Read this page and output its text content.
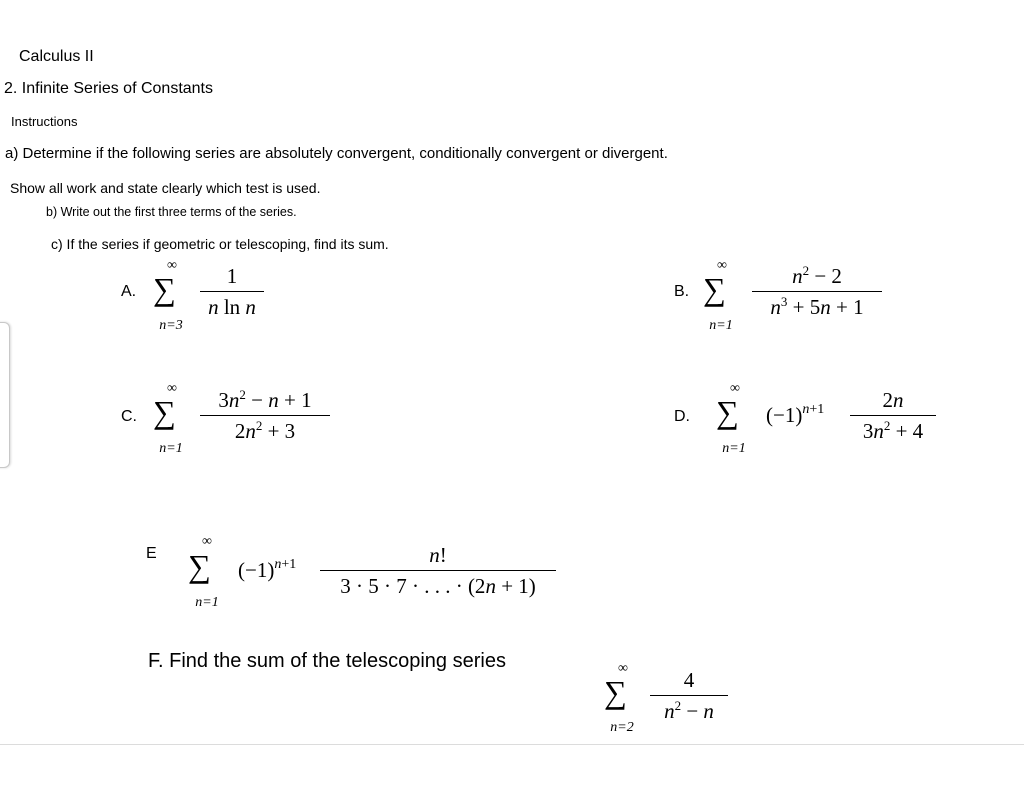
Calculus II
2. Infinite Series of Constants
Instructions
a) Determine if the following series are absolutely convergent, conditionally convergent or divergent.
Show all work and state clearly which test is used.
b) Write out the first three terms of the series.
c) If the series if geometric or telescoping, find its sum.
A.
∞
∑
n=3
1
n ln n
B.
∞
∑
n=1
$n^2 - 2$
$n^3 + 5n + 1$
C.
∞
∑
n=1
$3n^2 - n + 1$
$2n^2 + 3$
D.
∞
∑
n=1
$(-1)^{n+1}$	2n
$3n^2 + 4$
E
∞
∑
n=1
$(-1)^{n+1}$	n!
3 · 5 · 7 · . . . · (2n + 1)
F. Find the sum of the telescoping series	∞
∑
n=2
4
$n^2 - n$
